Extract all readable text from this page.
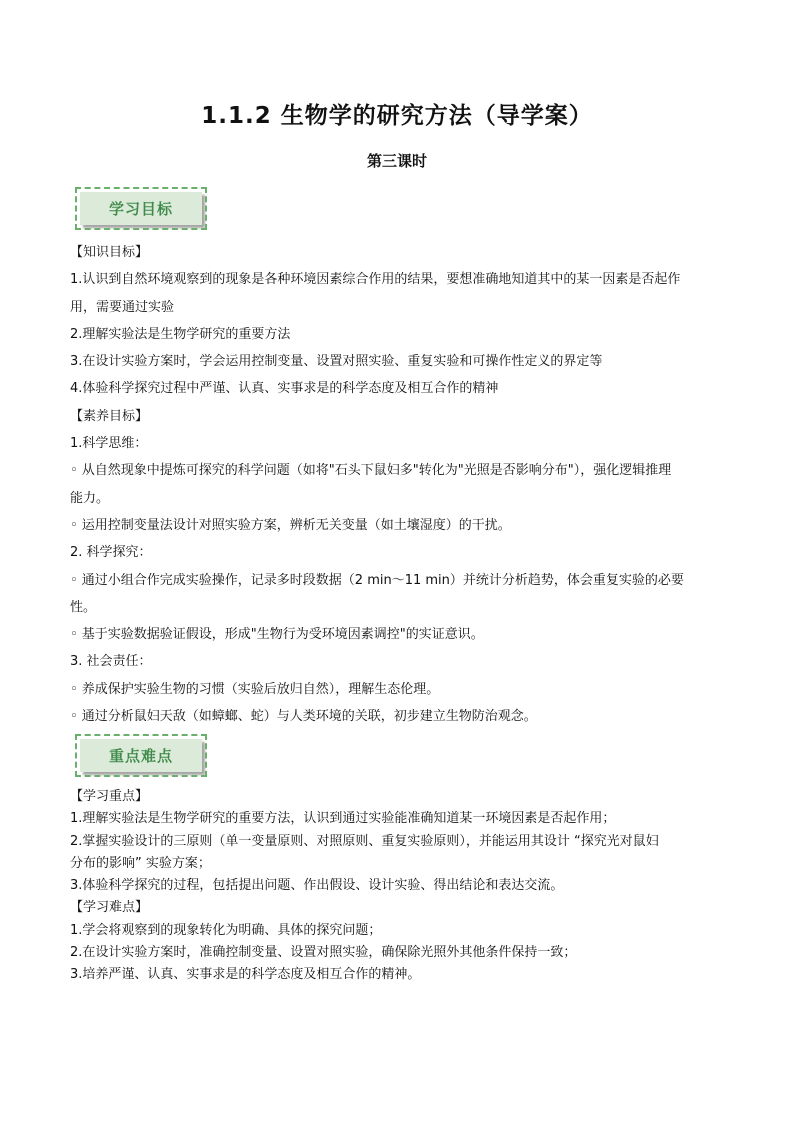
1.1.2 生物学的研究方法（导学案）
第三课时
学习目标

【知识目标】

1.认识到自然环境观察到的现象是各种环境因素综合作用的结果，要想准确地知道其中的某一因素是否起作

用，需要通过实验

2.理解实验法是生物学研究的重要方法

3.在设计实验方案时，学会运用控制变量、设置对照实验、重复实验和可操作性定义的界定等

4.体验科学探究过程中严谨、认真、实事求是的科学态度及相互合作的精神

【素养目标】

1.科学思维：

◦ 从自然现象中提炼可探究的科学问题（如将"石头下鼠妇多"转化为"光照是否影响分布"），强化逻辑推理

能力。

◦ 运用控制变量法设计对照实验方案，辨析无关变量（如土壤湿度）的干扰。

2. 科学探究：

◦ 通过小组合作完成实验操作，记录多时段数据（2 min～11 min）并统计分析趋势，体会重复实验的必要

性。

◦ 基于实验数据验证假设，形成"生物行为受环境因素调控"的实证意识。

3. 社会责任：

◦ 养成保护实验生物的习惯（实验后放归自然），理解生态伦理。

◦ 通过分析鼠妇天敌（如蟑螂、蛇）与人类环境的关联，初步建立生物防治观念。

重点难点

【学习重点】

1.理解实验法是生物学研究的重要方法，认识到通过实验能准确知道某一环境因素是否起作用；

2.掌握实验设计的三原则（单一变量原则、对照原则、重复实验原则），并能运用其设计 “探究光对鼠妇

分布的影响” 实验方案；

3.体验科学探究的过程，包括提出问题、作出假设、设计实验、得出结论和表达交流。

【学习难点】

1.学会将观察到的现象转化为明确、具体的探究问题；

2.在设计实验方案时，准确控制变量、设置对照实验，确保除光照外其他条件保持一致；

3.培养严谨、认真、实事求是的科学态度及相互合作的精神。
